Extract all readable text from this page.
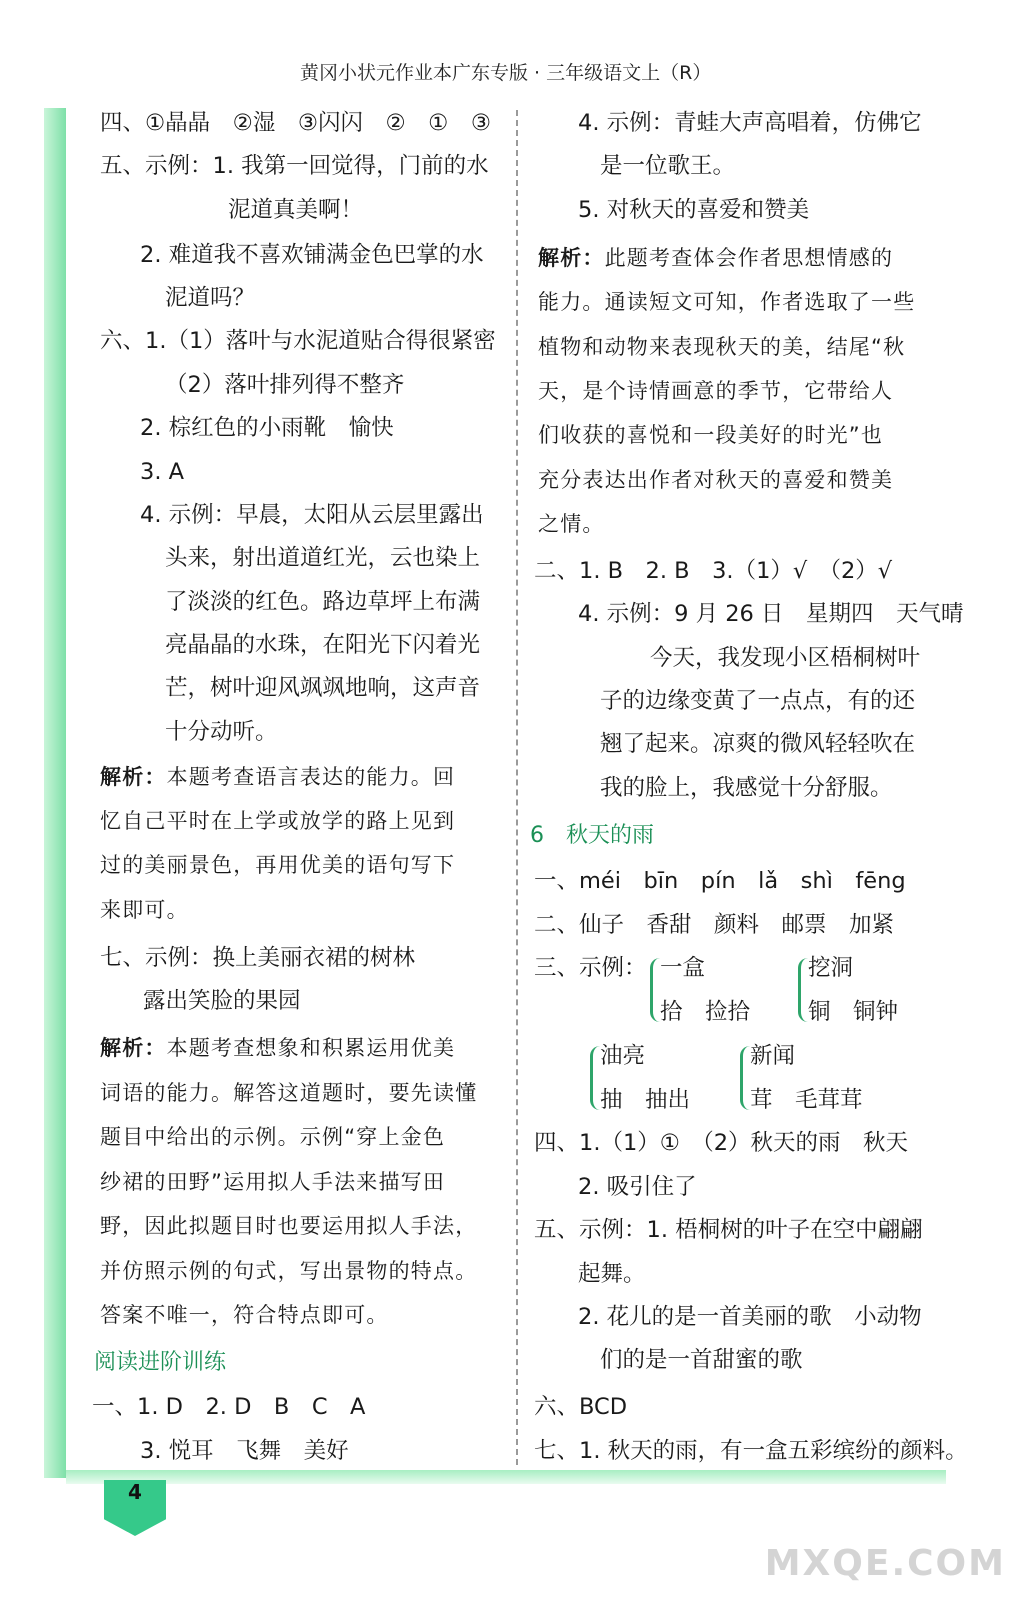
4
黄冈小状元作业本广东专版 · 三年级语文上（R）
四、①晶晶　②湿　③闪闪　②　①　③
五、示例：1. 我第一回觉得，门前的水
泥道真美啊！
2. 难道我不喜欢铺满金色巴掌的水
泥道吗？
六、1.（1）落叶与水泥道贴合得很紧密
（2）落叶排列得不整齐
2. 棕红色的小雨靴　愉快
3. A
4. 示例：早晨，太阳从云层里露出
头来，射出道道红光，云也染上
了淡淡的红色。路边草坪上布满
亮晶晶的水珠，在阳光下闪着光
芒，树叶迎风飒飒地响，这声音
十分动听。
解析：本题考查语言表达的能力。回
忆自己平时在上学或放学的路上见到
过的美丽景色，再用优美的语句写下
来即可。
七、示例：换上美丽衣裙的树林
露出笑脸的果园
解析：本题考查想象和积累运用优美
词语的能力。解答这道题时，要先读懂
题目中给出的示例。示例“穿上金色
纱裙的田野”运用拟人手法来描写田
野，因此拟题目时也要运用拟人手法，
并仿照示例的句式，写出景物的特点。
答案不唯一，符合特点即可。
阅读进阶训练
一、1. D　2. D　B　C　A
3. 悦耳　飞舞　美好
4. 示例：青蛙大声高唱着，仿佛它
是一位歌王。
5. 对秋天的喜爱和赞美
解析：此题考查体会作者思想情感的
能力。通读短文可知，作者选取了一些
植物和动物来表现秋天的美，结尾“秋
天，是个诗情画意的季节，它带给人
们收获的喜悦和一段美好的时光”也
充分表达出作者对秋天的喜爱和赞美
之情。
二、1. B　2. B　3.（1）√　（2）√
4. 示例：9 月 26 日　星期四　天气晴
今天，我发现小区梧桐树叶
子的边缘变黄了一点点，有的还
翘了起来。凉爽的微风轻轻吹在
我的脸上，我感觉十分舒服。
6　秋天的雨
一、méi　bīn　pín　lǎ　shì　fēng
二、仙子　香甜　颜料　邮票　加紧
三、示例： 一盒	挖洞
拾　捡拾	铜　铜钟
油亮	新闻
抽　抽出	茸　毛茸茸
四、1.（1）①　（2）秋天的雨　秋天
2. 吸引住了
五、示例：1. 梧桐树的叶子在空中翩翩
起舞。
2. 花儿的是一首美丽的歌　小动物
们的是一首甜蜜的歌
六、BCD
七、1. 秋天的雨，有一盒五彩缤纷的颜料。
MXQE.COM
